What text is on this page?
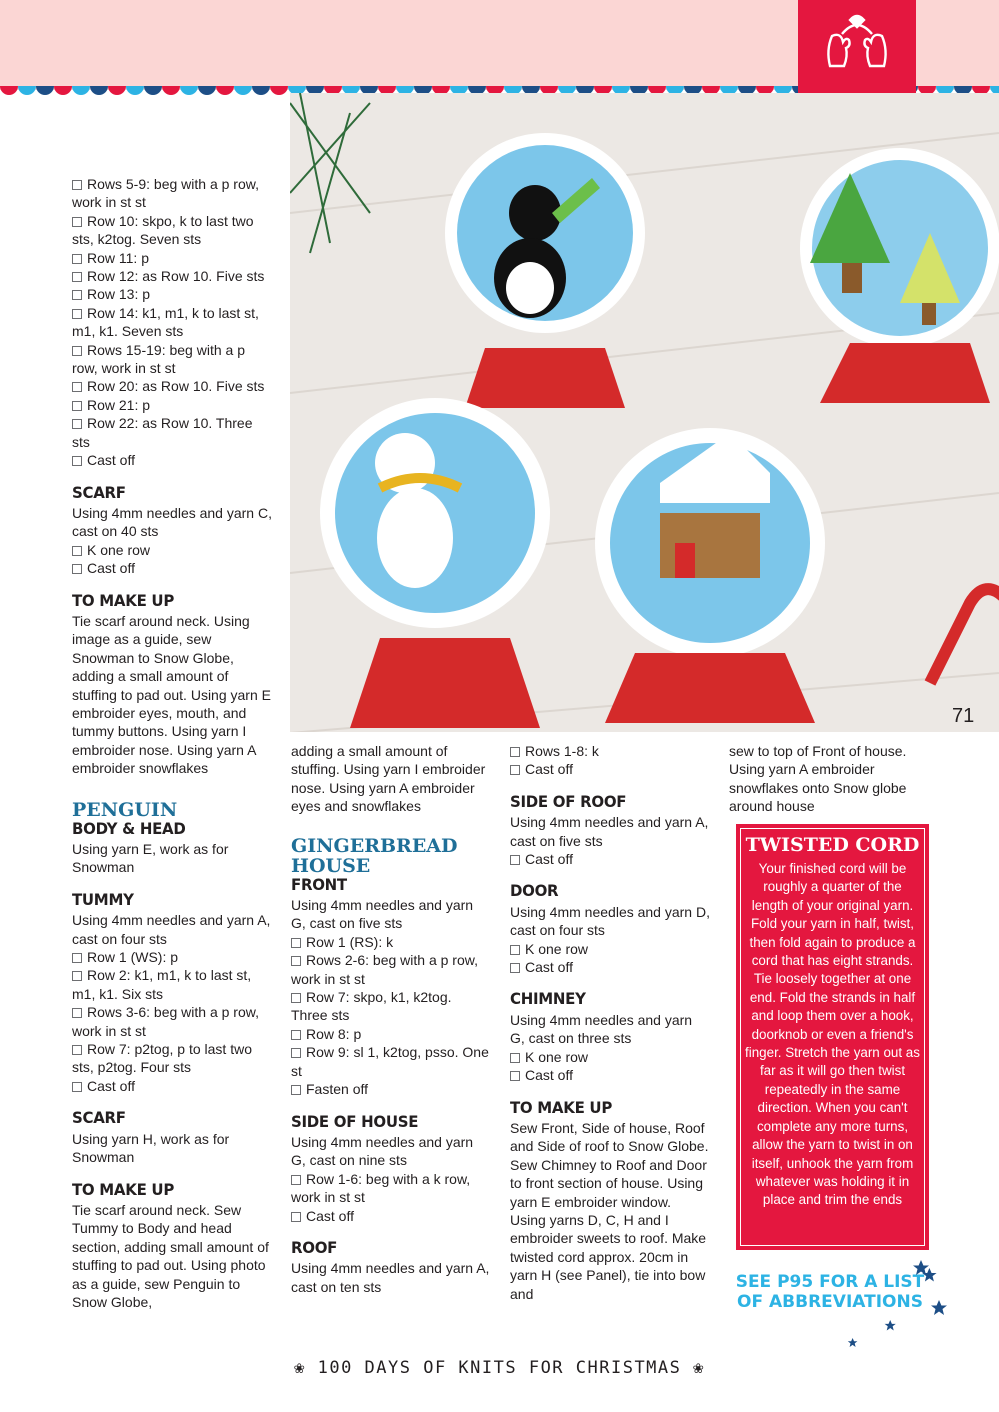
71

Rows 5-9: beg with a p row, work in st st

Row 10: skpo, k to last two sts, k2tog. Seven sts

Row 11: p

Row 12: as Row 10. Five sts

Row 13: p

Row 14: k1, m1, k to last st, m1, k1. Seven sts

Rows 15-19: beg with a p row, work in st st

Row 20: as Row 10. Five sts

Row 21: p

Row 22: as Row 10. Three sts

Cast off

SCARF

Using 4mm needles and yarn C, cast on 40 sts

K one row

Cast off

TO MAKE UP

Tie scarf around neck. Using image as a guide, sew Snowman to Snow Globe, adding a small amount of stuffing to pad out. Using yarn E embroider eyes, mouth, and tummy buttons. Using yarn I embroider nose. Using yarn A embroider snowflakes

PENGUIN
BODY & HEAD

Using yarn E, work as for Snowman

TUMMY

Using 4mm needles and yarn A, cast on four sts

Row 1 (WS): p

Row 2: k1, m1, k to last st, m1, k1. Six sts

Rows 3-6: beg with a p row, work in st st

Row 7: p2tog, p to last two sts, p2tog. Four sts

Cast off

SCARF

Using yarn H, work as for Snowman

TO MAKE UP

Tie scarf around neck. Sew Tummy to Body and head section, adding small amount of stuffing to pad out. Using photo as a guide, sew Penguin to Snow Globe,

adding a small amount of stuffing. Using yarn I embroider nose. Using yarn A embroider eyes and snowflakes

GINGERBREAD HOUSE
FRONT

Using 4mm needles and yarn G, cast on five sts

Row 1 (RS): k

Rows 2-6: beg with a p row, work in st st

Row 7: skpo, k1, k2tog. Three sts

Row 8: p

Row 9: sl 1, k2tog, psso. One st

Fasten off

SIDE OF HOUSE

Using 4mm needles and yarn G, cast on nine sts

Row 1-6: beg with a k row, work in st st

Cast off

ROOF

Using 4mm needles and yarn A, cast on ten sts

Rows 1-8: k

Cast off

SIDE OF ROOF

Using 4mm needles and yarn A, cast on five sts

Cast off

DOOR

Using 4mm needles and yarn D, cast on four sts

K one row

Cast off

CHIMNEY

Using 4mm needles and yarn G, cast on three sts

K one row

Cast off

TO MAKE UP

Sew Front, Side of house, Roof and Side of roof to Snow Globe. Sew Chimney to Roof and Door to front section of house. Using yarn E embroider window. Using yarns D, C, H and I embroider sweets to roof. Make twisted cord approx. 20cm in yarn H (see Panel), tie into bow and

sew to top of Front of house. Using yarn A embroider snowflakes onto Snow globe around house

TWISTED CORD

Your finished cord will be roughly a quarter of the length of your original yarn. Fold your yarn in half, twist, then fold again to produce a cord that has eight strands. Tie loosely together at one end. Fold the strands in half and loop them over a hook, doorknob or even a friend's finger. Stretch the yarn out as far as it will go then twist repeatedly in the same direction. When you can't complete any more turns, allow the yarn to twist in on itself, unhook the yarn from whatever was holding it in place and trim the ends

SEE P95 FOR A LIST OF ABBREVIATIONS
❀ 100 DAYS OF KNITS FOR CHRISTMAS ❀
